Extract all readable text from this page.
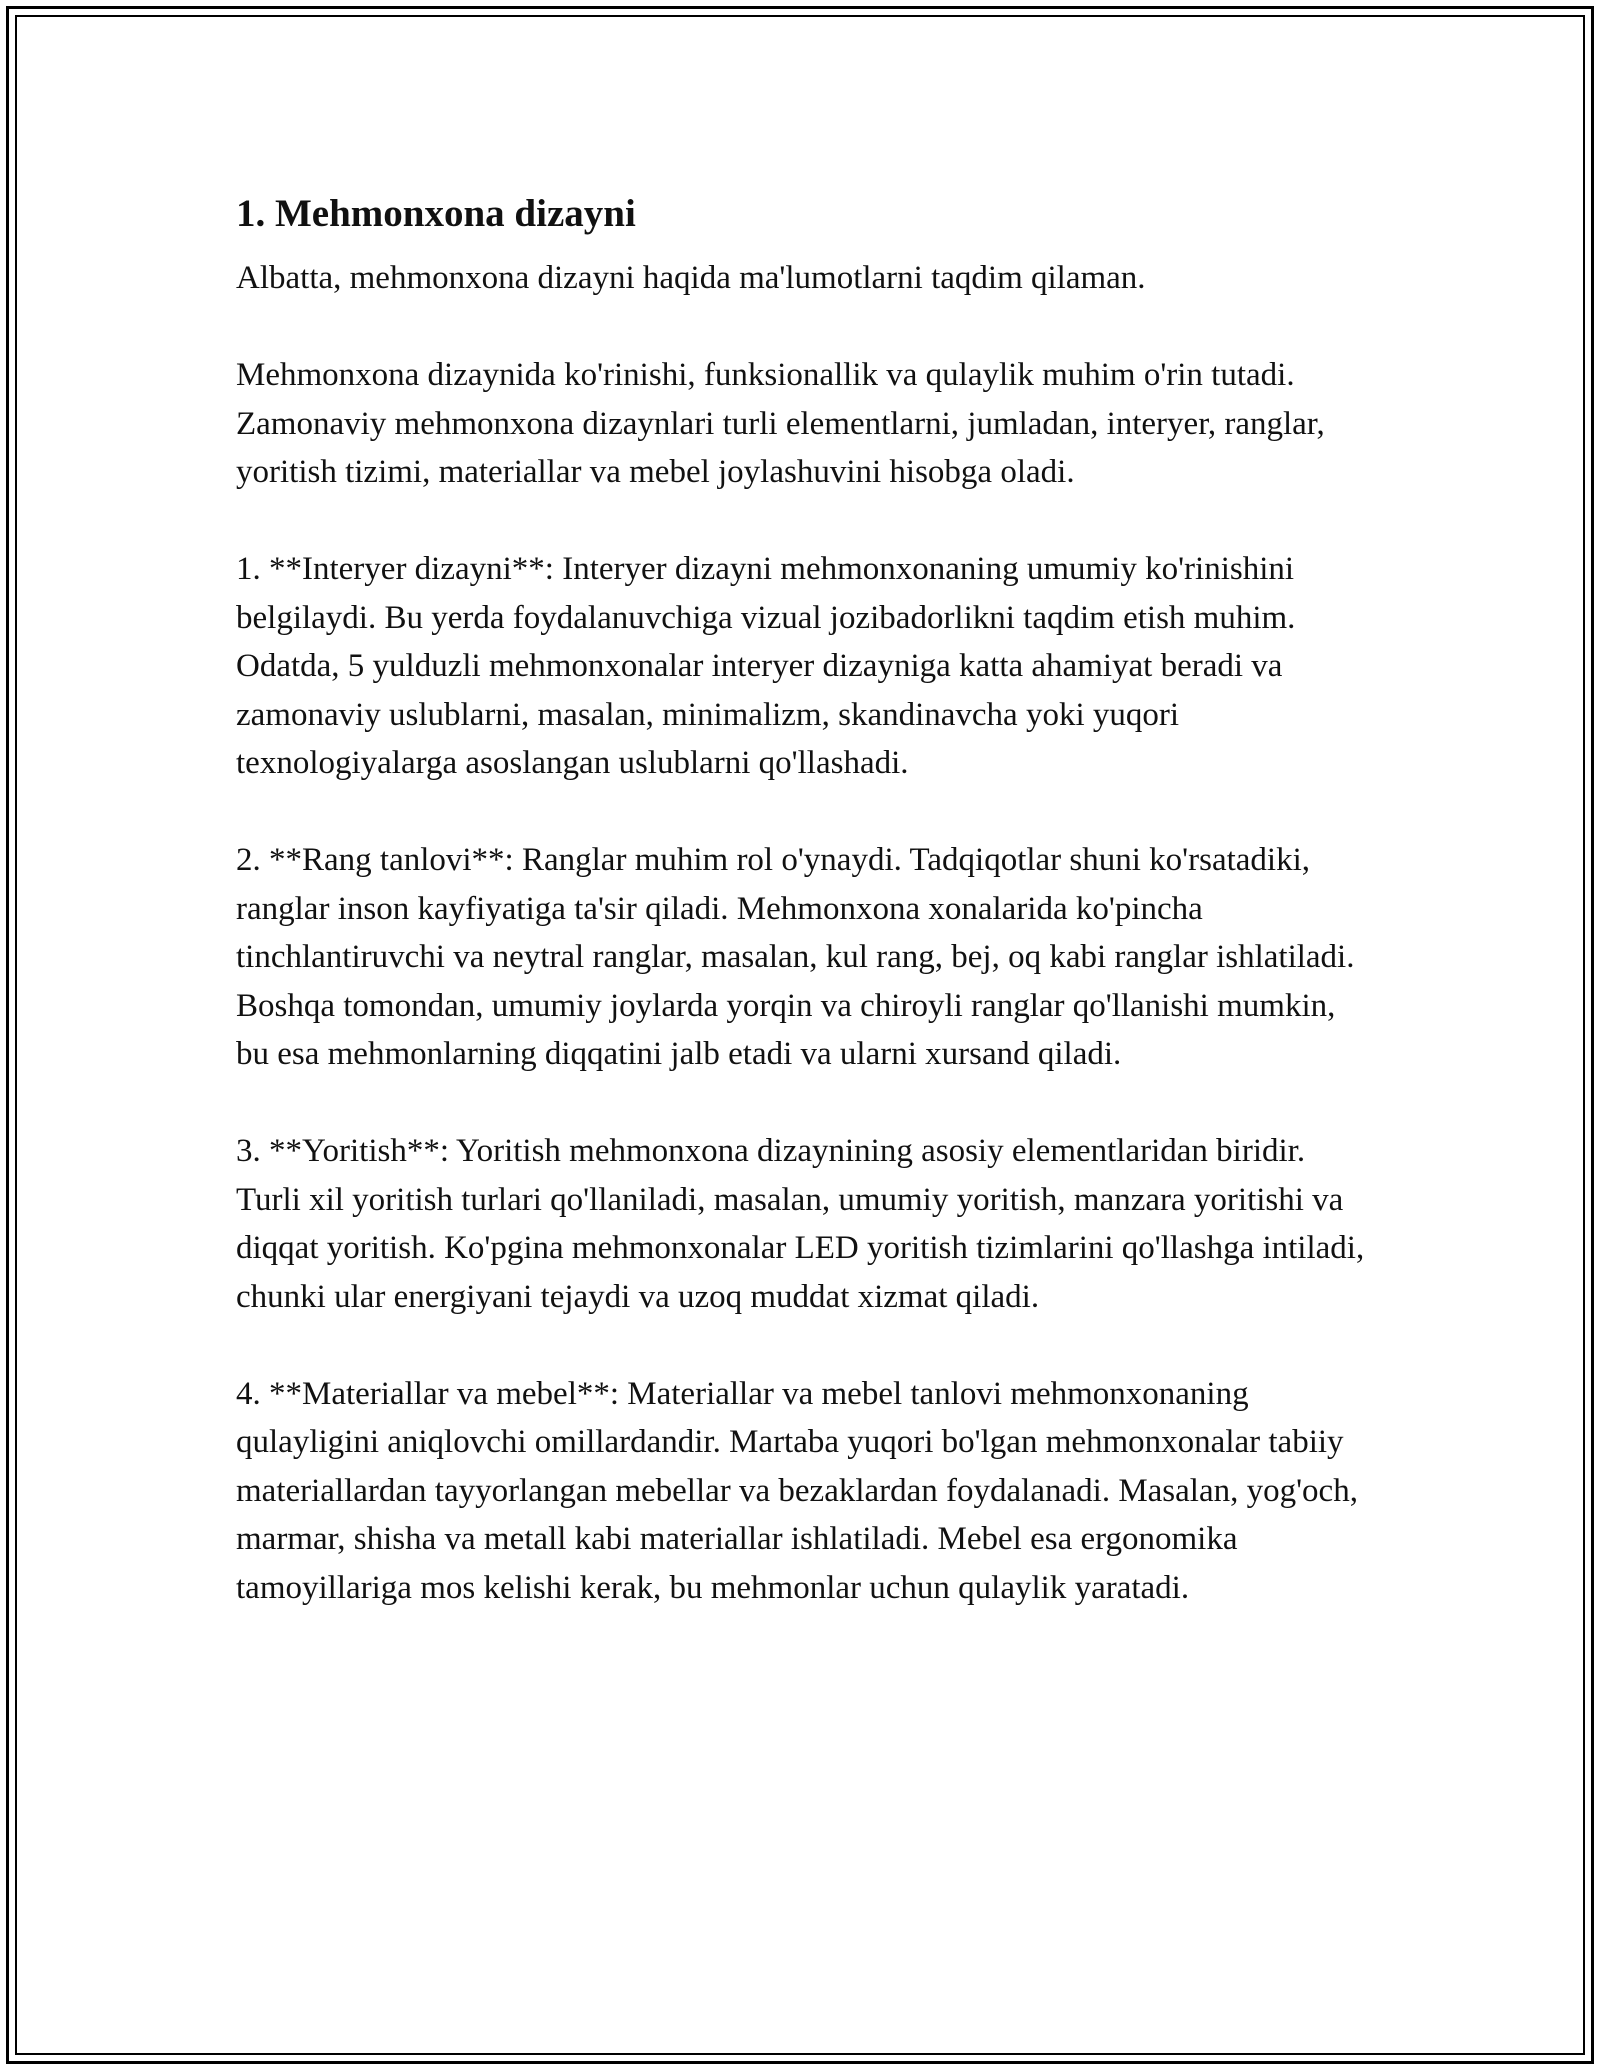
1. Mehmonxona dizayni

Albatta, mehmonxona dizayni haqida ma'lumotlarni taqdim qilaman.

Mehmonxona dizaynida ko'rinishi, funksionallik va qulaylik muhim o'rin tutadi. Zamonaviy mehmonxona dizaynlari turli elementlarni, jumladan, interyer, ranglar, yoritish tizimi, materiallar va mebel joylashuvini hisobga oladi.

1. **Interyer dizayni**: Interyer dizayni mehmonxonaning umumiy ko'rinishini belgilaydi. Bu yerda foydalanuvchiga vizual jozibadorlikni taqdim etish muhim. Odatda, 5 yulduzli mehmonxonalar interyer dizayniga katta ahamiyat beradi va zamonaviy uslublarni, masalan, minimalizm, skandinavcha yoki yuqori texnologiyalarga asoslangan uslublarni qo'llashadi.

2. **Rang tanlovi**: Ranglar muhim rol o'ynaydi. Tadqiqotlar shuni ko'rsatadiki, ranglar inson kayfiyatiga ta'sir qiladi. Mehmonxona xonalarida ko'pincha tinchlantiruvchi va neytral ranglar, masalan, kul rang, bej, oq kabi ranglar ishlatiladi. Boshqa tomondan, umumiy joylarda yorqin va chiroyli ranglar qo'llanishi mumkin, bu esa mehmonlarning diqqatini jalb etadi va ularni xursand qiladi.

3. **Yoritish**: Yoritish mehmonxona dizaynining asosiy elementlaridan biridir. Turli xil yoritish turlari qo'llaniladi, masalan, umumiy yoritish, manzara yoritishi va diqqat yoritish. Ko'pgina mehmonxonalar LED yoritish tizimlarini qo'llashga intiladi, chunki ular energiyani tejaydi va uzoq muddat xizmat qiladi.

4. **Materiallar va mebel**: Materiallar va mebel tanlovi mehmonxonaning qulayligini aniqlovchi omillardandir. Martaba yuqori bo'lgan mehmonxonalar tabiiy materiallardan tayyorlangan mebellar va bezaklardan foydalanadi. Masalan, yog'och, marmar, shisha va metall kabi materiallar ishlatiladi. Mebel esa ergonomika tamoyillariga mos kelishi kerak, bu mehmonlar uchun qulaylik yaratadi.
